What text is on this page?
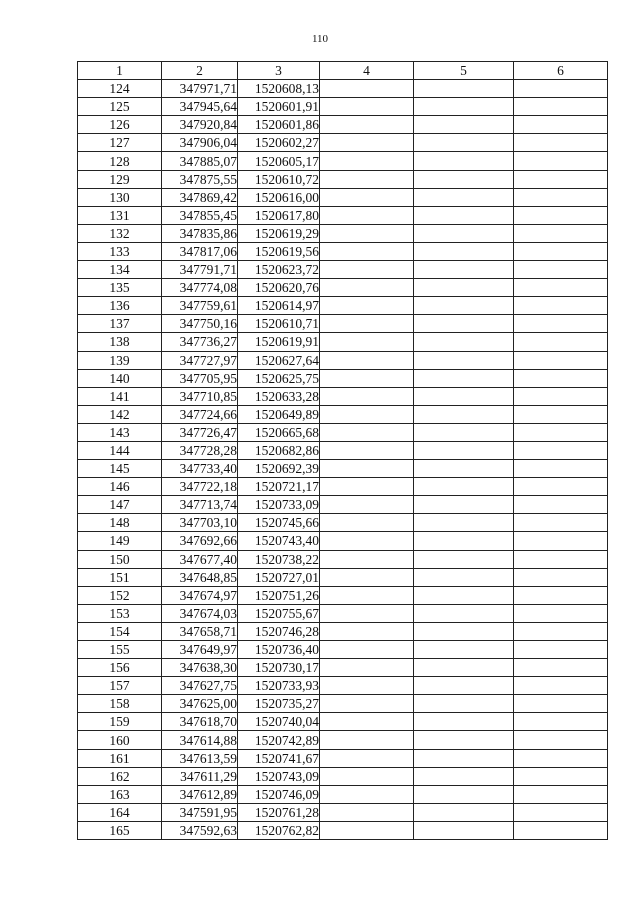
110
1	2	3	4	5	6
124	347971,71	1520608,13			
125	347945,64	1520601,91			
126	347920,84	1520601,86			
127	347906,04	1520602,27			
128	347885,07	1520605,17			
129	347875,55	1520610,72			
130	347869,42	1520616,00			
131	347855,45	1520617,80			
132	347835,86	1520619,29			
133	347817,06	1520619,56			
134	347791,71	1520623,72			
135	347774,08	1520620,76			
136	347759,61	1520614,97			
137	347750,16	1520610,71			
138	347736,27	1520619,91			
139	347727,97	1520627,64			
140	347705,95	1520625,75			
141	347710,85	1520633,28			
142	347724,66	1520649,89			
143	347726,47	1520665,68			
144	347728,28	1520682,86			
145	347733,40	1520692,39			
146	347722,18	1520721,17			
147	347713,74	1520733,09			
148	347703,10	1520745,66			
149	347692,66	1520743,40			
150	347677,40	1520738,22			
151	347648,85	1520727,01			
152	347674,97	1520751,26			
153	347674,03	1520755,67			
154	347658,71	1520746,28			
155	347649,97	1520736,40			
156	347638,30	1520730,17			
157	347627,75	1520733,93			
158	347625,00	1520735,27			
159	347618,70	1520740,04			
160	347614,88	1520742,89			
161	347613,59	1520741,67			
162	347611,29	1520743,09			
163	347612,89	1520746,09			
164	347591,95	1520761,28			
165	347592,63	1520762,82			
